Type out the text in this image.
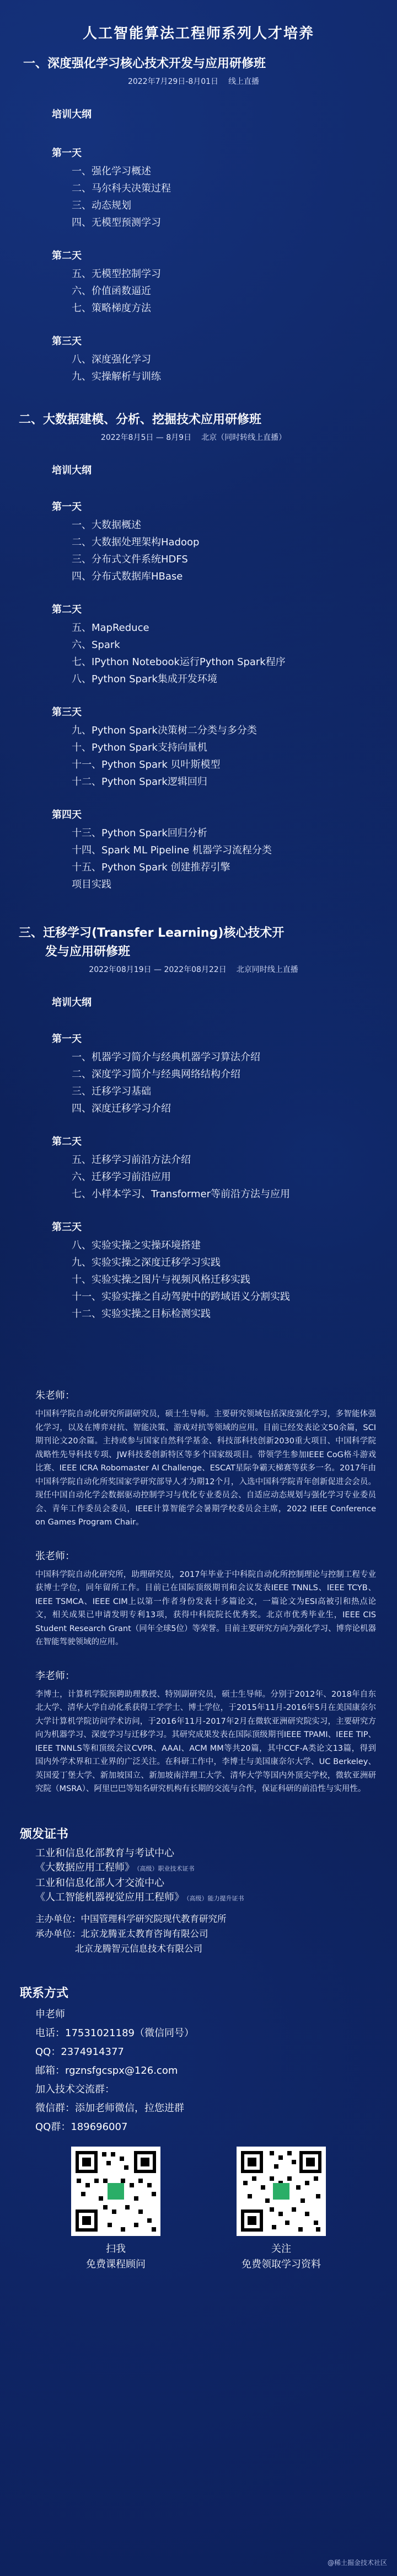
人工智能算法工程师系列人才培养
一、深度强化学习核心技术开发与应用研修班
2022年7月29日-8月01日 线上直播
培训大纲
第一天
一、强化学习概述
二、马尔科夫决策过程
三、动态规划
四、无模型预测学习
第二天
五、无模型控制学习
六、价值函数逼近
七、策略梯度方法
第三天
八、深度强化学习
九、实操解析与训练
二、大数据建模、分析、挖掘技术应用研修班
2022年8月5日 — 8月9日 北京（同时转线上直播）
培训大纲
第一天
一、大数据概述
二、大数据处理架构Hadoop
三、分布式文件系统HDFS
四、分布式数据库HBase
第二天
五、MapReduce
六、Spark
七、IPython Notebook运行Python Spark程序
八、Python Spark集成开发环境
第三天
九、Python Spark决策树二分类与多分类
十、Python Spark支持向量机
十一、Python Spark 贝叶斯模型
十二、Python Spark逻辑回归
第四天
十三、Python Spark回归分析
十四、Spark ML Pipeline 机器学习流程分类
十五、Python Spark 创建推荐引擎
项目实践
三、迁移学习(Transfer Learning)核心技术开
发与应用研修班
2022年08月19日 — 2022年08月22日 北京同时线上直播
培训大纲
第一天
一、机器学习简介与经典机器学习算法介绍
二、深度学习简介与经典网络结构介绍
三、迁移学习基础
四、深度迁移学习介绍
第二天
五、迁移学习前沿方法介绍
六、迁移学习前沿应用
七、小样本学习、Transformer等前沿方法与应用
第三天
八、实验实操之实操环境搭建
九、实验实操之深度迁移学习实践
十、实验实操之图片与视频风格迁移实践
十一、实验实操之自动驾驶中的跨域语义分割实践
十二、实验实操之目标检测实践
朱老师：
中国科学院自动化研究所副研究员，硕士生导师。主要研究领域包括深度强化学习，多智能体强化学习，以及在博弈对抗、智能决策、游戏对抗等领域的应用。目前已经发表论文50余篇，SCI期刊论文20余篇。主持或参与国家自然科学基金、科技部科技创新2030重大项目、中国科学院战略性先导科技专项、JW科技委创新特区等多个国家级项目。带领学生参加IEEE CoG格斗游戏比赛、IEEE ICRA Robomaster AI Challenge、ESCAT星际争霸天梯赛等获多一名。2017年由中国科学院自动化所奖国家学研究部导人才为期12个月，入选中国科学院青年创新促进会会员。现任中国自动化学会数据驱动控制学习与优化专业委员会、自适应动态规划与强化学习专业委员会、青年工作委员会委员，IEEE计算智能学会暑期学校委员会主席，2022 IEEE Conference on Games Program Chair。
张老师：
中国科学院自动化研究所，助理研究员，2017年毕业于中科院自动化所控制理论与控制工程专业获博士学位，同年留所工作。目前已在国际顶级期刊和会议发表IEEE TNNLS、IEEE TCYB、IEEE TSMCA、IEEE CIM上以第一作者身份发表十多篇论文，一篇论文为ESI高被引和热点论文，相关成果已申请发明专利13项，获得中科院院长优秀奖。北京市优秀毕业生，IEEE CIS Student Research Grant（同年全球5位）等荣誉。目前主要研究方向为强化学习、博弈论机器在智能驾驶领域的应用。
李老师：
李博士，计算机学院预聘助理教授、特别副研究员，硕士生导师。分别于2012年、2018年自东北大学、清华大学自动化系获得工学学士、博士学位，于2015年11月-2016年5月在美国康奈尔大学计算机学院访问学术访问，于2016年11月-2017年2月在微软亚洲研究院实习，主要研究方向为机器学习、深度学习与迁移学习。其研究成果发表在国际顶级期刊IEEE TPAMI、IEEE TIP、IEEE TNNLS等和顶级会议CVPR、AAAI、ACM MM等共20篇，其中CCF-A类论文13篇，得到国内外学术界和工业界的广泛关注。在科研工作中，李博士与美国康奈尔大学、UC Berkeley、英国爱丁堡大学、新加坡国立、新加坡南洋理工大学、清华大学等国内外顶尖学校，微软亚洲研究院（MSRA）、阿里巴巴等知名研究机构有长期的交流与合作，保证科研的前沿性与实用性。
颁发证书
工业和信息化部教育与考试中心
《大数据应用工程师》 （高级）职业技术证书
工业和信息化部人才交流中心
《人工智能机器视觉应用工程师》 （高级）能力提升证书
主办单位：中国管理科学研究院现代教育研究所
承办单位：北京龙腾亚太教育咨询有限公司
北京龙腾智元信息技术有限公司
联系方式
申老师
电话：17531021189（微信同号）
QQ：2374914377
邮箱：rgznsfgcspx@126.com
加入技术交流群：
微信群：添加老师微信，拉您进群
QQ群：189696007
扫我
免费课程顾问
关注
免费领取学习资料
@稀土掘金技术社区
